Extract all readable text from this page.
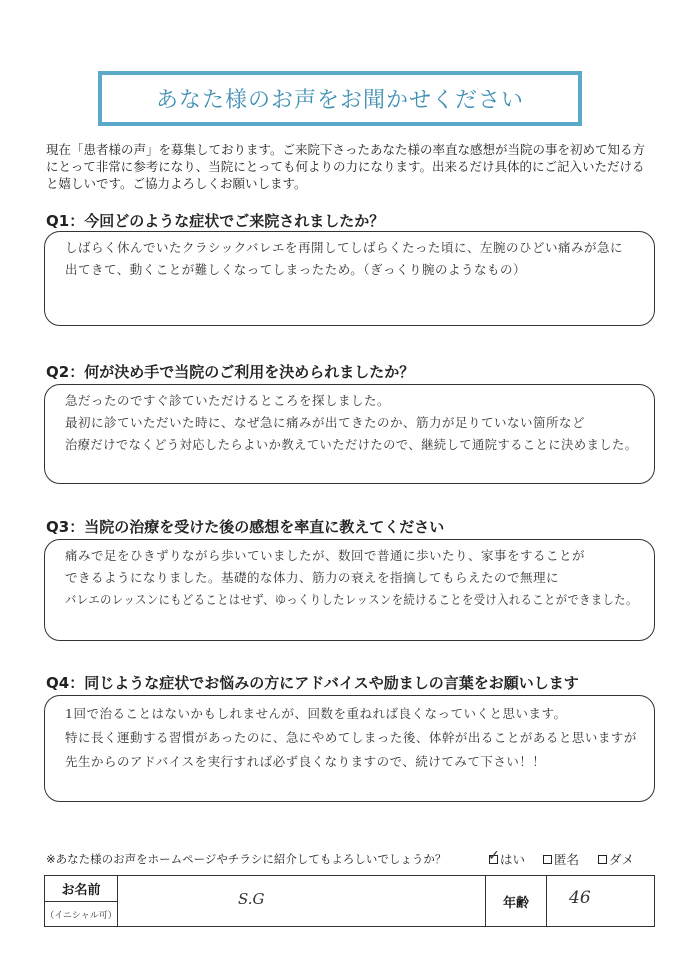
あなた様のお声をお聞かせください
現在「患者様の声」を募集しております。ご来院下さったあなた様の率直な感想が当院の事を初めて知る方にとって非常に参考になり、当院にとっても何よりの力になります。出来るだけ具体的にご記入いただけると嬉しいです。ご協力よろしくお願いします。
Q1：今回どのような症状でご来院されましたか？
しばらく休んでいたクラシックバレエを再開してしばらくたった頃に、左腕のひどい痛みが急に
出てきて、動くことが難しくなってしまったため。（ぎっくり腕のようなもの）
Q2：何が決め手で当院のご利用を決められましたか？
急だったのですぐ診ていただけるところを探しました。
最初に診ていただいた時に、なぜ急に痛みが出てきたのか、筋力が足りていない箇所など
治療だけでなくどう対応したらよいか教えていただけたので、継続して通院することに決めました。
Q3：当院の治療を受けた後の感想を率直に教えてください
痛みで足をひきずりながら歩いていましたが、数回で普通に歩いたり、家事をすることが
できるようになりました。基礎的な体力、筋力の衰えを指摘してもらえたので無理に
バレエのレッスンにもどることはせず、ゆっくりしたレッスンを続けることを受け入れることができました。
Q4：同じような症状でお悩みの方にアドバイスや励ましの言葉をお願いします
1回で治ることはないかもしれませんが、回数を重ねれば良くなっていくと思います。
特に長く運動する習慣があったのに、急にやめてしまった後、体幹が出ることがあると思いますが
先生からのアドバイスを実行すれば必ず良くなりますので、続けてみて下さい！！
※あなた様のお声をホームページやチラシに紹介してもよろしいでしょうか？	✓ はい 匿名 ダメ
お名前	S.G	年齢	46

（イニシャル可）
